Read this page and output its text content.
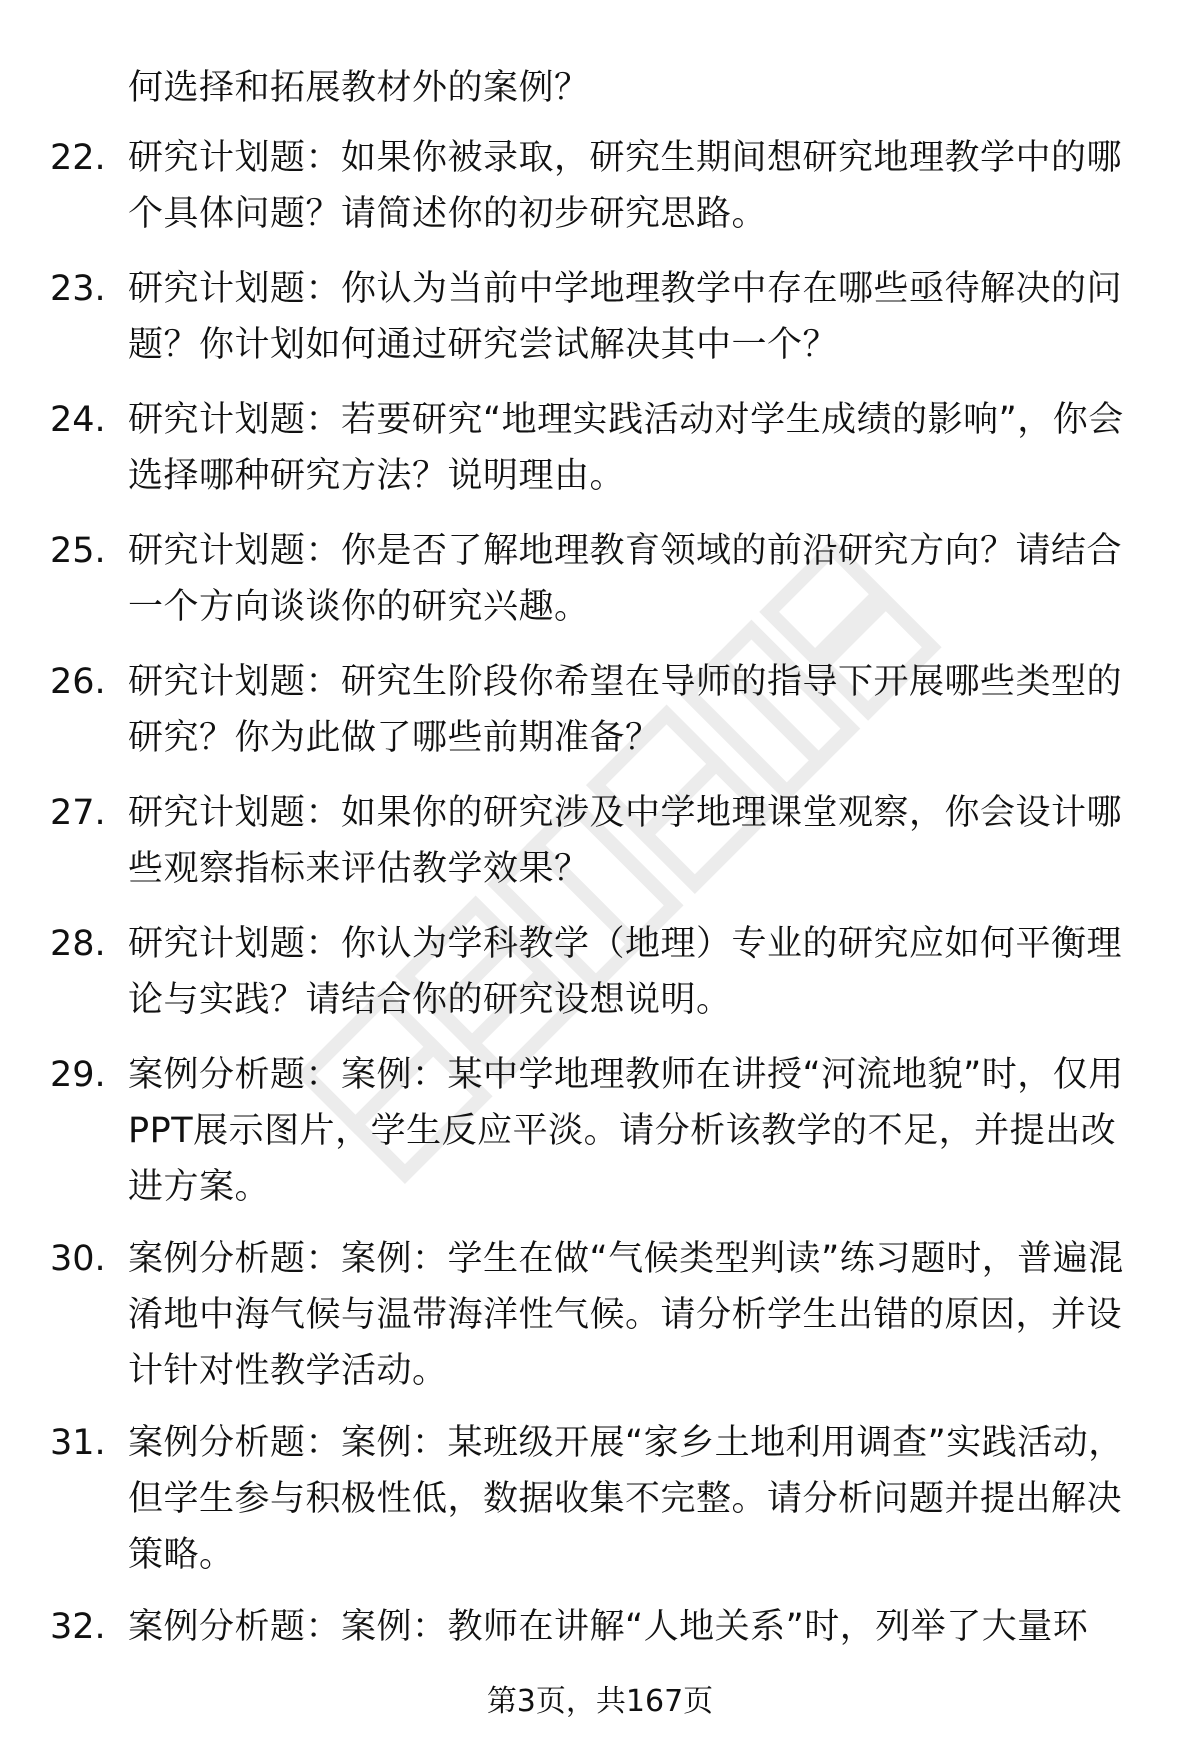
何选择和拓展教材外的案例？
22. 研究计划题：如果你被录取，研究生期间想研究地理教学中的哪个具体问题？请简述你的初步研究思路。
23. 研究计划题：你认为当前中学地理教学中存在哪些亟待解决的问题？你计划如何通过研究尝试解决其中一个？
24. 研究计划题：若要研究“地理实践活动对学生成绩的影响”，你会选择哪种研究方法？说明理由。
25. 研究计划题：你是否了解地理教育领域的前沿研究方向？请结合一个方向谈谈你的研究兴趣。
26. 研究计划题：研究生阶段你希望在导师的指导下开展哪些类型的研究？你为此做了哪些前期准备？
27. 研究计划题：如果你的研究涉及中学地理课堂观察，你会设计哪些观察指标来评估教学效果？
28. 研究计划题：你认为学科教学（地理）专业的研究应如何平衡理论与实践？请结合你的研究设想说明。
29. 案例分析题：案例：某中学地理教师在讲授“河流地貌”时，仅用PPT展示图片，学生反应平淡。请分析该教学的不足，并提出改进方案。
30. 案例分析题：案例：学生在做“气候类型判读”练习题时，普遍混淆地中海气候与温带海洋性气候。请分析学生出错的原因，并设计针对性教学活动。
31. 案例分析题：案例：某班级开展“家乡土地利用调查”实践活动，但学生参与积极性低，数据收集不完整。请分析问题并提出解决策略。
32. 案例分析题：案例：教师在讲解“人地关系”时，列举了大量环
第3页，共167页
